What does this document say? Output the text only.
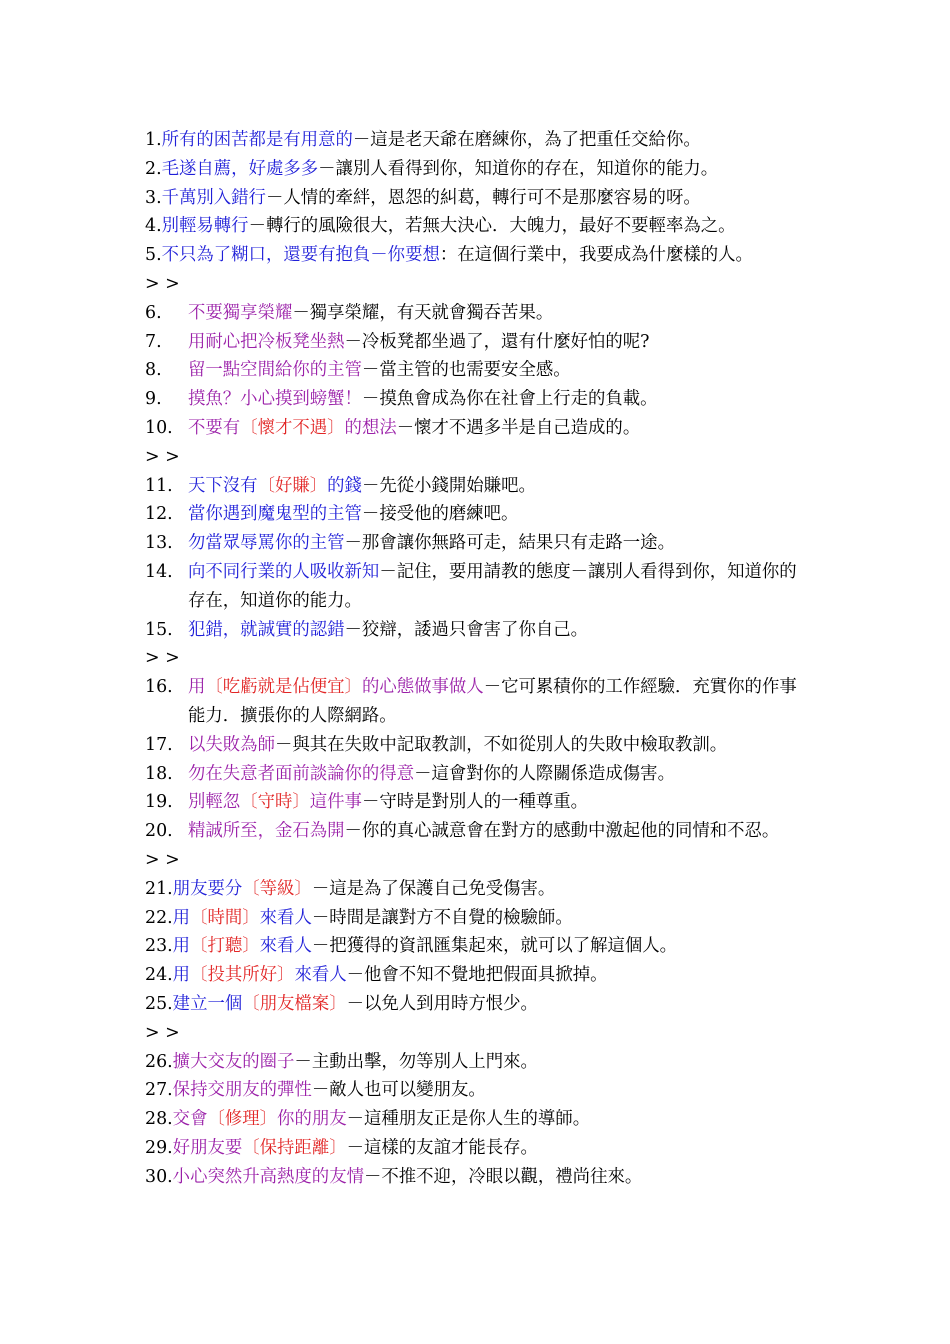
1. 所有的困苦都是有用意的－這是老天爺在磨練你，為了把重任交給你。
2. 毛遂自薦，好處多多－讓別人看得到你，知道你的存在，知道你的能力。
3. 千萬別入錯行－人情的牽絆，恩怨的糾葛，轉行可不是那麼容易的呀。
4. 別輕易轉行－轉行的風險很大，若無大決心．大魄力，最好不要輕率為之。
5. 不只為了糊口，還要有抱負－你要想：在這個行業中，我要成為什麼樣的人。
> >
6.	不要獨享榮耀－獨享榮耀，有天就會獨吞苦果。
7.	用耐心把冷板凳坐熱－冷板凳都坐過了，還有什麼好怕的呢?
8.	留一點空間給你的主管－當主管的也需要安全感。
9.	摸魚？小心摸到螃蟹！－摸魚會成為你在社會上行走的負載。
10. 不要有〔懷才不遇〕的想法－懷才不遇多半是自己造成的。
> >
11. 天下沒有〔好賺〕的錢－先從小錢開始賺吧。
12. 當你遇到魔鬼型的主管－接受他的磨練吧。
13. 勿當眾辱罵你的主管－那會讓你無路可走，結果只有走路一途。
14. 向不同行業的人吸收新知－記住，要用請教的態度－讓別人看得到你，知道你的存在，知道你的能力。
15. 犯錯，就誠實的認錯－狡辯，諉過只會害了你自己。
> >
16. 用〔吃虧就是佔便宜〕的心態做事做人－它可累積你的工作經驗．充實你的作事能力．擴張你的人際網路。
17. 以失敗為師－與其在失敗中記取教訓，不如從別人的失敗中檢取教訓。
18. 勿在失意者面前談論你的得意－這會對你的人際關係造成傷害。
19. 別輕忽〔守時〕這件事－守時是對別人的一種尊重。
20. 精誠所至，金石為開－你的真心誠意會在對方的感動中激起他的同情和不忍。
> >
21. 朋友要分〔等級〕－這是為了保護自己免受傷害。
22. 用〔時間〕來看人－時間是讓對方不自覺的檢驗師。
23. 用〔打聽〕來看人－把獲得的資訊匯集起來，就可以了解這個人。
24. 用〔投其所好〕來看人－他會不知不覺地把假面具掀掉。
25. 建立一個〔朋友檔案〕－以免人到用時方恨少。
> >
26. 擴大交友的圈子－主動出擊，勿等別人上門來。
27. 保持交朋友的彈性－敵人也可以變朋友。
28. 交會〔修理〕你的朋友－這種朋友正是你人生的導師。
29. 好朋友要〔保持距離〕－這樣的友誼才能長存。
30. 小心突然升高熱度的友情－不推不迎，冷眼以觀，禮尚往來。
